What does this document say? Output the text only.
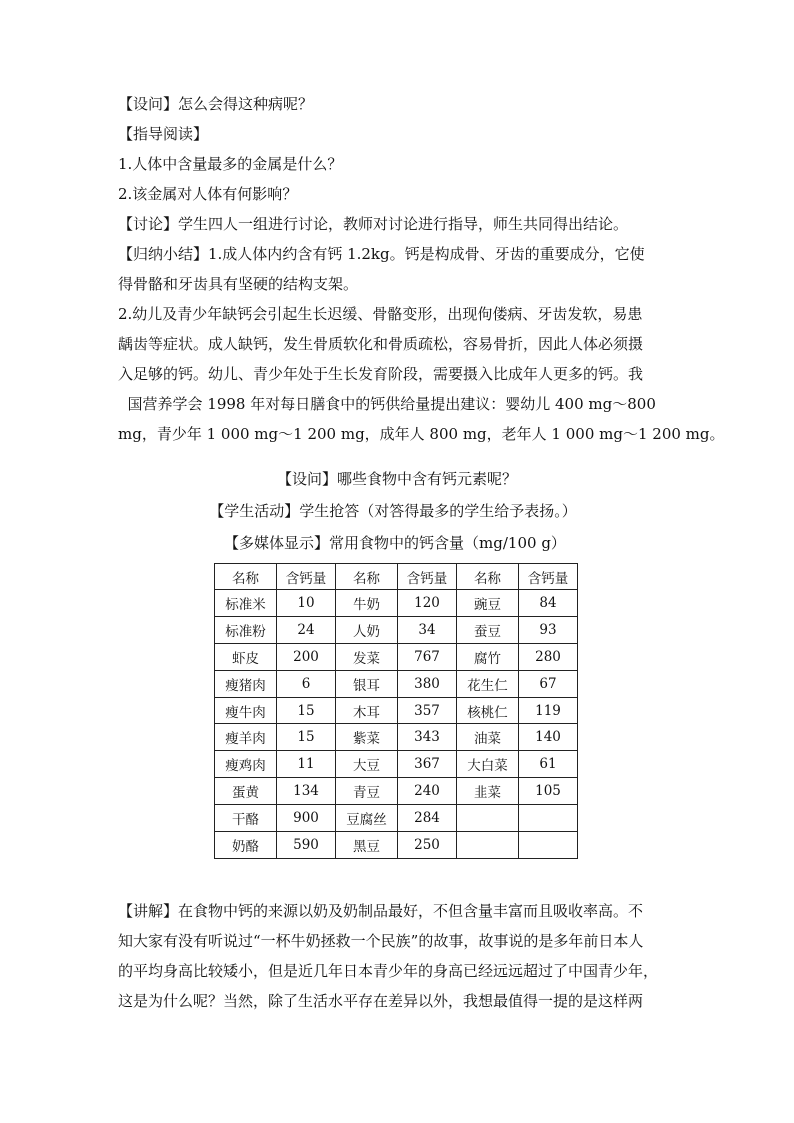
【设问】怎么会得这种病呢？

【指导阅读】

1.人体中含量最多的金属是什么？

2.该金属对人体有何影响？

【讨论】学生四人一组进行讨论，教师对讨论进行指导，师生共同得出结论。

【归纳小结】1.成人体内约含有钙 1.2kg。钙是构成骨、牙齿的重要成分，它使

得骨骼和牙齿具有坚硬的结构支架。

2.幼儿及青少年缺钙会引起生长迟缓、骨骼变形，出现佝偻病、牙齿发软，易患

龋齿等症状。成人缺钙，发生骨质软化和骨质疏松，容易骨折，因此人体必须摄

入足够的钙。幼儿、青少年处于生长发育阶段，需要摄入比成年人更多的钙。我

国营养学会 1998 年对每日膳食中的钙供给量提出建议：婴幼儿 400 mg～800

mg，青少年 1 000 mg～1 200 mg，成年人 800 mg，老年人 1 000 mg～1 200 mg。

【设问】哪些食物中含有钙元素呢？

【学生活动】学生抢答（对答得最多的学生给予表扬。）

【多媒体显示】常用食物中的钙含量（mg/100 g）

名称	含钙量	名称	含钙量	名称	含钙量
标准米	10	牛奶	120	豌豆	84
标准粉	24	人奶	34	蚕豆	93
虾皮	200	发菜	767	腐竹	280
瘦猪肉	6	银耳	380	花生仁	67
瘦牛肉	15	木耳	357	核桃仁	119
瘦羊肉	15	紫菜	343	油菜	140
瘦鸡肉	11	大豆	367	大白菜	61
蛋黄	134	青豆	240	韭菜	105
干酪	900	豆腐丝	284		
奶酪	590	黑豆	250		

【讲解】在食物中钙的来源以奶及奶制品最好，不但含量丰富而且吸收率高。不

知大家有没有听说过“一杯牛奶拯救一个民族”的故事，故事说的是多年前日本人

的平均身高比较矮小，但是近几年日本青少年的身高已经远远超过了中国青少年，

这是为什么呢？当然，除了生活水平存在差异以外，我想最值得一提的是这样两
